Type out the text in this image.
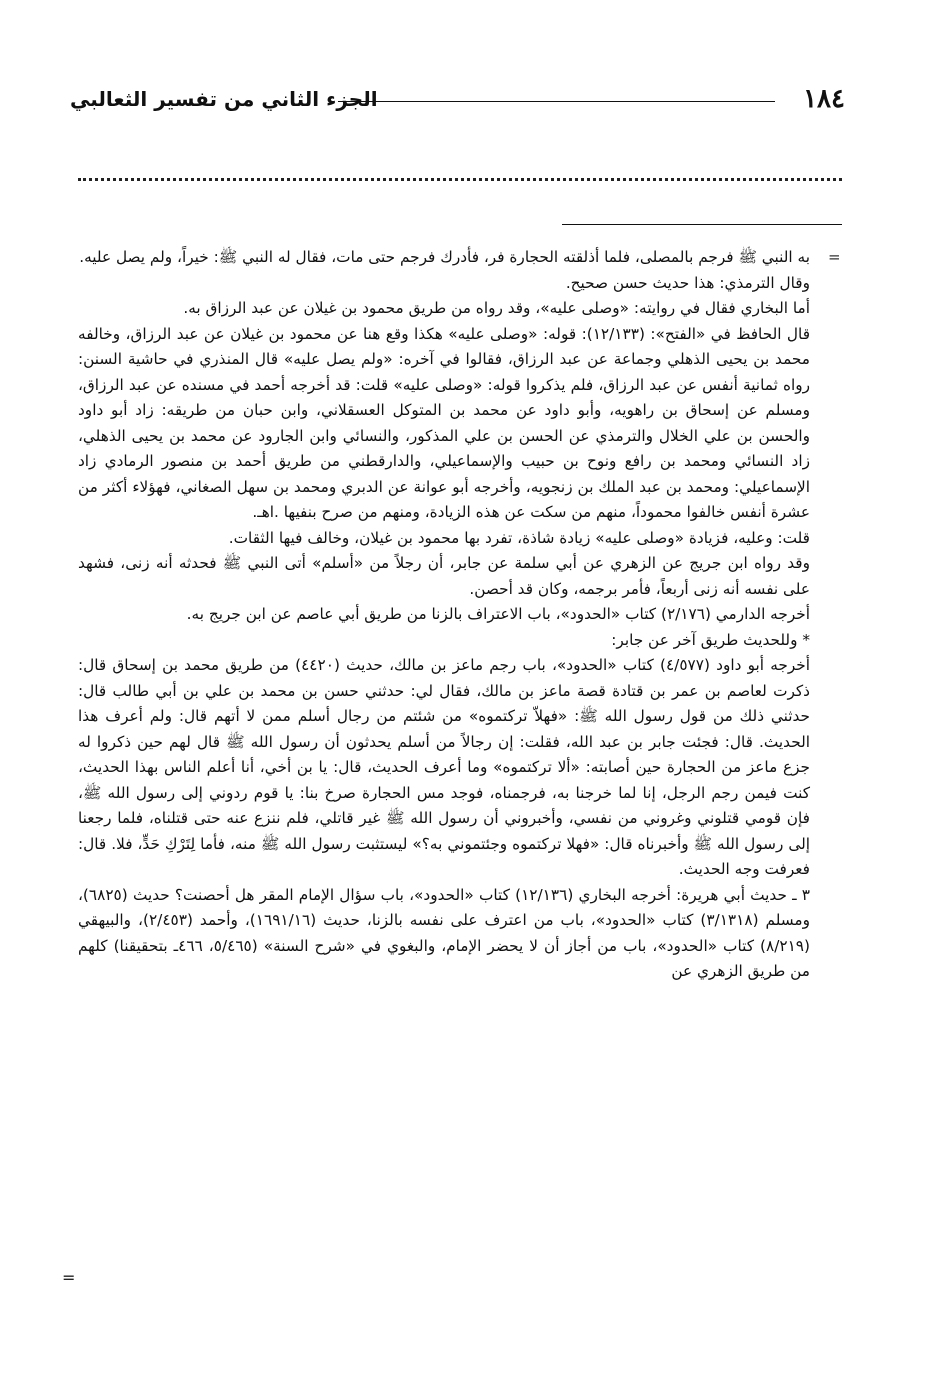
١٨٤
الجزء الثاني من تفسير الثعالبي
=

به النبي ﷺ فرجم بالمصلى، فلما أذلقته الحجارة فر، فأدرك فرجم حتى مات، فقال له النبي ﷺ: خيراً، ولم يصل عليه.

وقال الترمذي: هذا حديث حسن صحيح.

أما البخاري فقال في روايته: «وصلى عليه»، وقد رواه من طريق محمود بن غيلان عن عبد الرزاق به.

قال الحافظ في «الفتح»: (١٢/١٣٣): قوله: «وصلى عليه» هكذا وقع هنا عن محمود بن غيلان عن عبد الرزاق، وخالفه محمد بن يحيى الذهلي وجماعة عن عبد الرزاق، فقالوا في آخره: «ولم يصل عليه» قال المنذري في حاشية السنن: رواه ثمانية أنفس عن عبد الرزاق، فلم يذكروا قوله: «وصلى عليه» قلت: قد أخرجه أحمد في مسنده عن عبد الرزاق، ومسلم عن إسحاق بن راهويه، وأبو داود عن محمد بن المتوكل العسقلاني، وابن حبان من طريقه: زاد أبو داود والحسن بن علي الخلال والترمذي عن الحسن بن علي المذكور، والنسائي وابن الجارود عن محمد بن يحيى الذهلي، زاد النسائي ومحمد بن رافع ونوح بن حبيب والإسماعيلي، والدارقطني من طريق أحمد بن منصور الرمادي زاد الإسماعيلي: ومحمد بن عبد الملك بن زنجويه، وأخرجه أبو عوانة عن الدبري ومحمد بن سهل الصغاني، فهؤلاء أكثر من عشرة أنفس خالفوا محموداً، منهم من سكت عن هذه الزيادة، ومنهم من صرح بنفيها .اهـ.

قلت: وعليه، فزيادة «وصلى عليه» زيادة شاذة، تفرد بها محمود بن غيلان، وخالف فيها الثقات.

وقد رواه ابن جريج عن الزهري عن أبي سلمة عن جابر، أن رجلاً من «أسلم» أتى النبي ﷺ فحدثه أنه زنى، فشهد على نفسه أنه زنى أربعاً، فأمر برجمه، وكان قد أحصن.

أخرجه الدارمي (٢/١٧٦) كتاب «الحدود»، باب الاعتراف بالزنا من طريق أبي عاصم عن ابن جريج به.

* وللحديث طريق آخر عن جابر:

أخرجه أبو داود (٤/٥٧٧) كتاب «الحدود»، باب رجم ماعز بن مالك، حديث (٤٤٢٠) من طريق محمد بن إسحاق قال: ذكرت لعاصم بن عمر بن قتادة قصة ماعز بن مالك، فقال لي: حدثني حسن بن محمد بن علي بن أبي طالب قال: حدثني ذلك من قول رسول الله ﷺ: «فهلاّ تركتموه» من شئتم من رجال أسلم ممن لا أتهم قال: ولم أعرف هذا الحديث. قال: فجئت جابر بن عبد الله، فقلت: إن رجالاً من أسلم يحدثون أن رسول الله ﷺ قال لهم حين ذكروا له جزع ماعز من الحجارة حين أصابته: «ألا تركتموه» وما أعرف الحديث، قال: يا بن أخي، أنا أعلم الناس بهذا الحديث، كنت فيمن رجم الرجل، إنا لما خرجنا به، فرجمناه، فوجد مس الحجارة صرخ بنا: يا قوم ردوني إلى رسول الله ﷺ، فإن قومي قتلوني وغروني من نفسي، وأخبروني أن رسول الله ﷺ غير قاتلي، فلم ننزع عنه حتى قتلناه، فلما رجعنا إلى رسول الله ﷺ وأخبرناه قال: «فهلا تركتموه وجئتموني به؟» ليستثبت رسول الله ﷺ منه، فأما لِتَرْكِ حَدٍّ، فلا. قال: فعرفت وجه الحديث.

٣ ـ حديث أبي هريرة: أخرجه البخاري (١٢/١٣٦) كتاب «الحدود»، باب سؤال الإمام المقر هل أحصنت؟ حديث (٦٨٢٥)، ومسلم (٣/١٣١٨) كتاب «الحدود»، باب من اعترف على نفسه بالزنا، حديث (١٦٩١/١٦)، وأحمد (٢/٤٥٣)، والبيهقي (٨/٢١٩) كتاب «الحدود»، باب من أجاز أن لا يحضر الإمام، والبغوي في «شرح السنة» (٥/٤٦٥، ٤٦٦ـ بتحقيقنا) كلهم من طريق الزهري عن

=
